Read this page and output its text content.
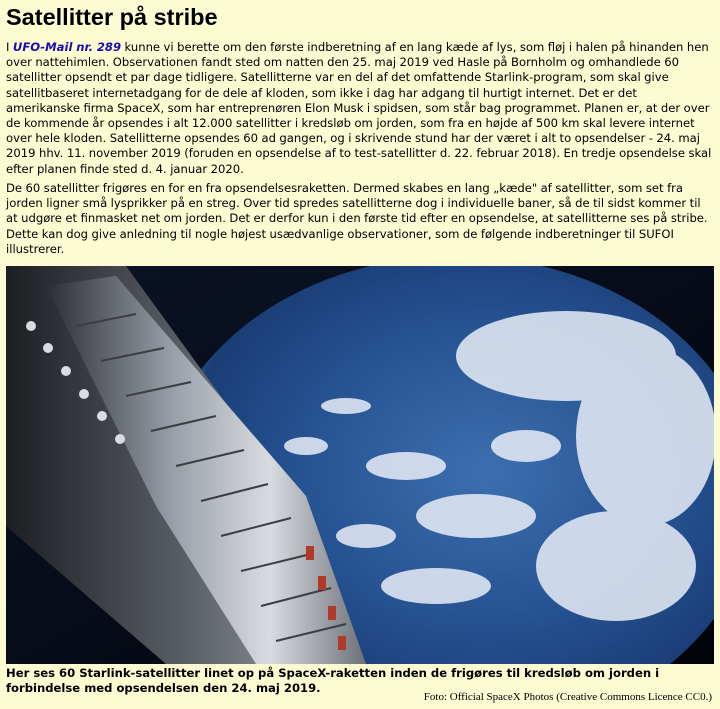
Satellitter på stribe

I UFO-Mail nr. 289 kunne vi berette om den første indberetning af en lang kæde af lys, som fløj i halen på hinanden hen over nattehimlen. Observationen fandt sted om natten den 25. maj 2019 ved Hasle på Bornholm og omhandlede 60 satellitter opsendt et par dage tidligere. Satellitterne var en del af det omfattende Starlink-program, som skal give satellitbaseret internetadgang for de dele af kloden, som ikke i dag har adgang til hurtigt internet. Det er det amerikanske firma SpaceX, som har entreprenøren Elon Musk i spidsen, som står bag programmet. Planen er, at der over de kommende år opsendes i alt 12.000 satellitter i kredsløb om jorden, som fra en højde af 500 km skal levere internet over hele kloden. Satellitterne opsendes 60 ad gangen, og i skrivende stund har der været i alt to opsendelser - 24. maj 2019 hhv. 11. november 2019 (foruden en opsendelse af to test-satellitter d. 22. februar 2018). En tredje opsendelse skal efter planen finde sted d. 4. januar 2020.

De 60 satellitter frigøres en for en fra opsendelsesraketten. Dermed skabes en lang „kæde" af satellitter, som set fra jorden ligner små lysprikker på en streg. Over tid spredes satellitterne dog i individuelle baner, så de til sidst kommer til at udgøre et finmasket net om jorden. Det er derfor kun i den første tid efter en opsendelse, at satellitterne ses på stribe. Dette kan dog give anledning til nogle højest usædvanlige observationer, som de følgende indberetninger til SUFOI illustrerer.

Her ses 60 Starlink-satellitter linet op på SpaceX-raketten inden de frigøres til kredsløb om jorden i forbindelse med opsendelsen den 24. maj 2019.

Foto: Official SpaceX Photos (Creative Commons Licence CC0.)
